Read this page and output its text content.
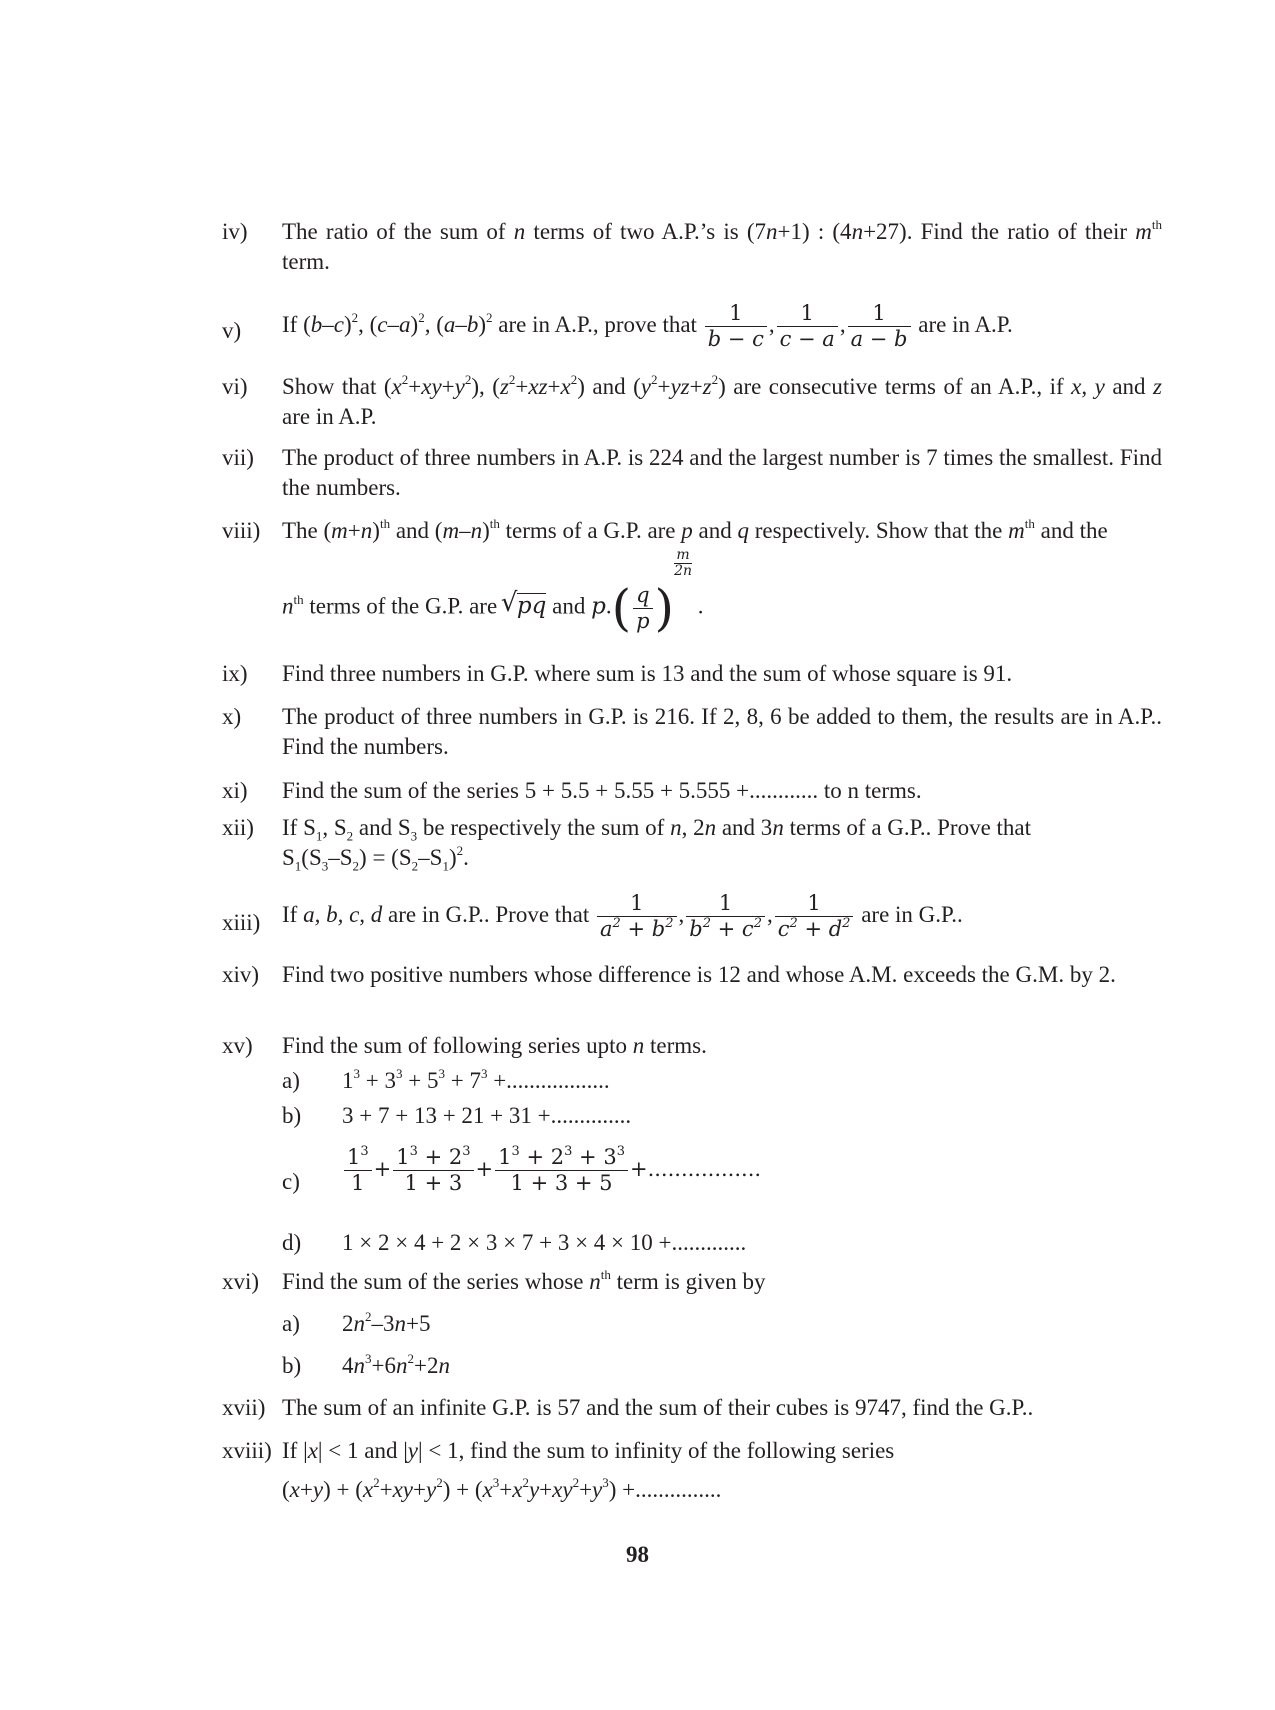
iv) The ratio of the sum of n terms of two A.P.’s is (7n+1) : (4n+27). Find the ratio of their $m^{th}$ term.
v) If $(b-c)^2$, $(c-a)^2$, $(a-b)^2$ are in A.P., prove that $\frac{1}{b - c}$ , $\frac{1}{c - a}$ , $\frac{1}{a - b}$ are in A.P.
vi) Show that $(x^2+xy+y^2)$, $(z^2+xz+x^2)$ and $(y^2+yz+z^2)$ are consecutive terms of an A.P., if x, y and z are in A.P.
vii) The product of three numbers in A.P. is 224 and the largest number is 7 times the smallest. Find the numbers.
viii) The $(m+n)^{th}$ and $(m-n)^{th}$ terms of a G.P. are p and q respectively. Show that the $m^{th}$ and the
$n^{th}$ terms of the G.P. are √ pq and $p.( \frac{q}{p}$ )
$\frac{m}{2n}$
.
ix) Find three numbers in G.P. where sum is 13 and the sum of whose square is 91.
x) The product of three numbers in G.P. is 216. If 2, 8, 6 be added to them, the results are in A.P.. Find the numbers.
xi) Find the sum of the series 5 + 5.5 + 5.55 + 5.555 +............ to n terms.
xii) If $S_1$, $S_2$ and $S_3$ be respectively the sum of n, 2n and 3n terms of a G.P.. Prove that
$S_1(S_3-S_2) = (S_2-S_1)^2$.
xiii) If a, b, c, d are in G.P.. Prove that $\frac{1}{a^2 + b^2}$ , $\frac{1}{b^2 + c^2}$ , $\frac{1}{c^2 + d^2}$ are in G.P..
xiv) Find two positive numbers whose difference is 12 and whose A.M. exceeds the G.M. by 2.
xv) Find the sum of following series upto n terms.
a) $1^3 + 3^3 + 5^3 + 7^3$ +..................
b) 3 + 7 + 13 + 21 + 31 +..............
$c) \frac{1^3}{1} + \frac{1^3 + 2^3}{1 + 3} + \frac{1^3 + 2^3 + 3^3}{1 + 3 + 5}$ +.................
d) 1 × 2 × 4 + 2 × 3 × 7 + 3 × 4 × 10 +.............
xvi) Find the sum of the series whose $n^{th}$ term is given by
a) $2n^2-3n+5$
b) $4n^3+6n^2+2n$
xvii) The sum of an infinite G.P. is 57 and the sum of their cubes is 9747, find the G.P..
xviii) If |x| < 1 and |y| < 1, find the sum to infinity of the following series
$(x+y) + (x^2+xy+y^2) + (x^3+x^2y+xy^2+y^3)$ +...............
98
